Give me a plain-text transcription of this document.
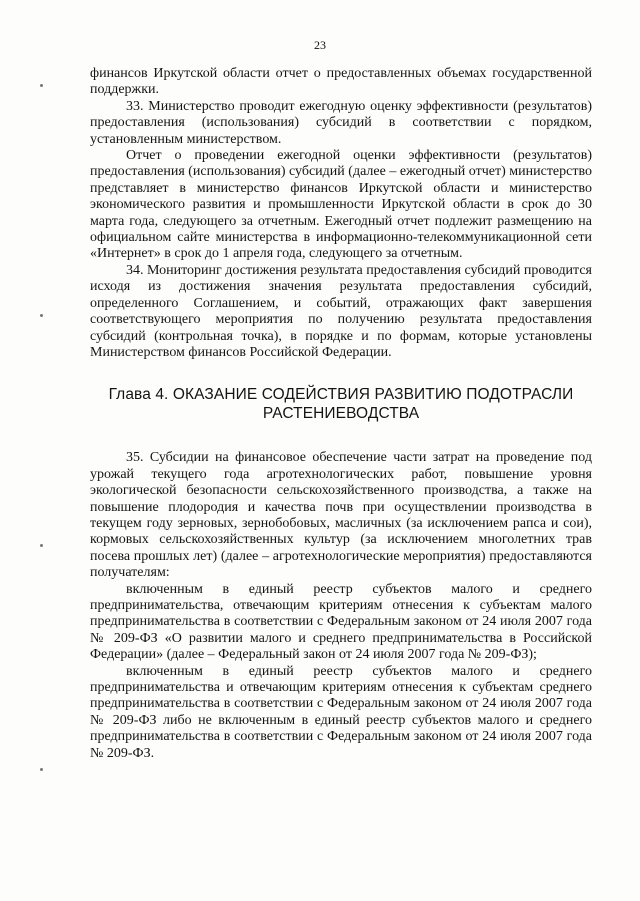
23

финансов Иркутской области отчет о предоставленных объемах государственной поддержки.

33. Министерство проводит ежегодную оценку эффективности (результатов) предоставления (использования) субсидий в соответствии с порядком, установленным министерством.

Отчет о проведении ежегодной оценки эффективности (результатов) предоставления (использования) субсидий (далее – ежегодный отчет) министерство представляет в министерство финансов Иркутской области и министерство экономического развития и промышленности Иркутской области в срок до 30 марта года, следующего за отчетным. Ежегодный отчет подлежит размещению на официальном сайте министерства в информационно-телекоммуникационной сети «Интернет» в срок до 1 апреля года, следующего за отчетным.

34. Мониторинг достижения результата предоставления субсидий проводится исходя из достижения значения результата предоставления субсидий, определенного Соглашением, и событий, отражающих факт завершения соответствующего мероприятия по получению результата предоставления субсидий (контрольная точка), в порядке и по формам, которые установлены Министерством финансов Российской Федерации.

Глава 4. ОКАЗАНИЕ СОДЕЙСТВИЯ РАЗВИТИЮ ПОДОТРАСЛИ
РАСТЕНИЕВОДСТВА

35. Субсидии на финансовое обеспечение части затрат на проведение под урожай текущего года агротехнологических работ, повышение уровня экологической безопасности сельскохозяйственного производства, а также на повышение плодородия и качества почв при осуществлении производства в текущем году зерновых, зернобобовых, масличных (за исключением рапса и сои), кормовых сельскохозяйственных культур (за исключением многолетних трав посева прошлых лет) (далее – агротехнологические мероприятия) предоставляются получателям:

включенным в единый реестр субъектов малого и среднего предпринимательства, отвечающим критериям отнесения к субъектам малого предпринимательства в соответствии с Федеральным законом от 24 июля 2007 года № 209-ФЗ «О развитии малого и среднего предпринимательства в Российской Федерации» (далее – Федеральный закон от 24 июля 2007 года № 209-ФЗ);

включенным в единый реестр субъектов малого и среднего предпринимательства и отвечающим критериям отнесения к субъектам среднего предпринимательства в соответствии с Федеральным законом от 24 июля 2007 года № 209-ФЗ либо не включенным в единый реестр субъектов малого и среднего предпринимательства в соответствии с Федеральным законом от 24 июля 2007 года № 209-ФЗ.
